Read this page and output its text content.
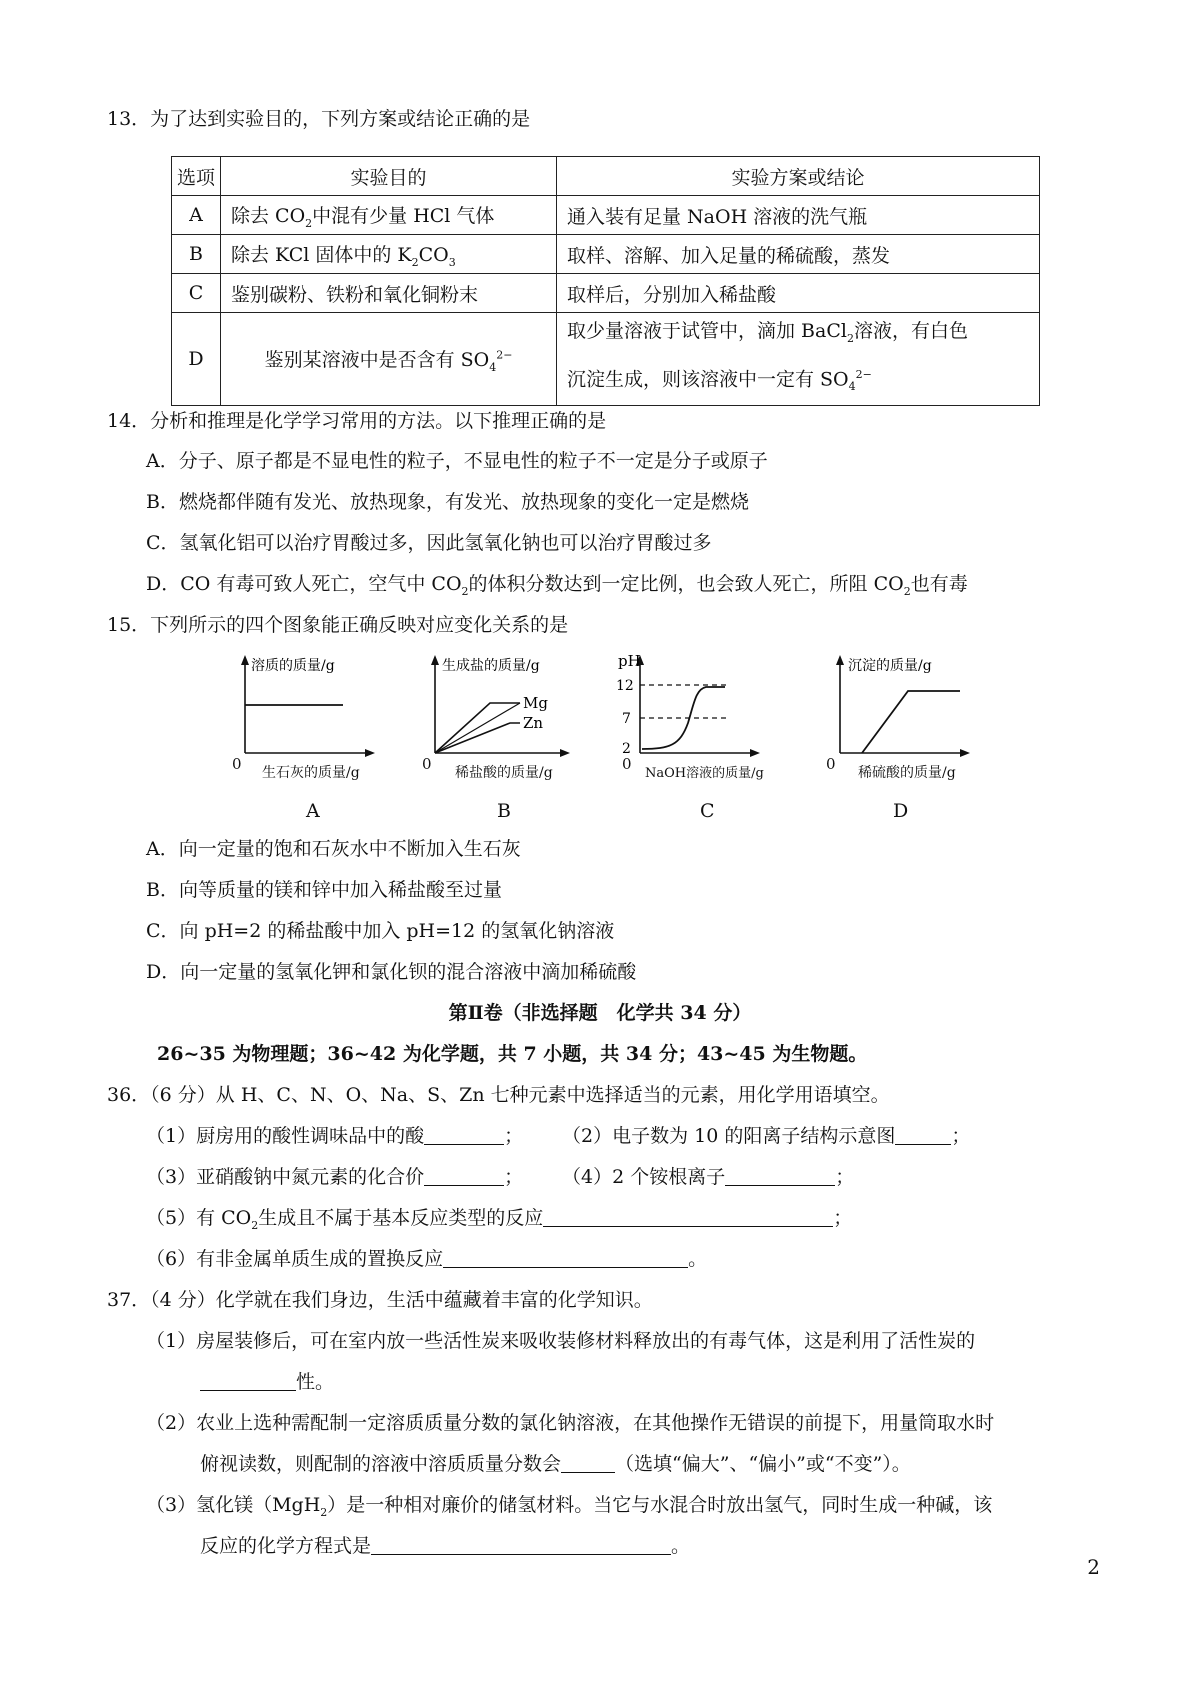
13．为了达到实验目的，下列方案或结论正确的是
选项	实验目的	实验方案或结论
A	除去 $CO_2$中混有少量 HCl 气体	通入装有足量 NaOH 溶液的洗气瓶
B	除去 KCl 固体中的 $K_2CO_3$	取样、溶解、加入足量的稀硫酸，蒸发
C	鉴别碳粉、铁粉和氧化铜粉末	取样后，分别加入稀盐酸
D	鉴别某溶液中是否含有 $SO_4^{2-}$	取少量溶液于试管中，滴加 BaCl$_2$溶液，有白色
沉淀生成，则该溶液中一定有 $SO_4^{2-}$
14．分析和推理是化学学习常用的方法。以下推理正确的是
A．分子、原子都是不显电性的粒子，不显电性的粒子不一定是分子或原子
B．燃烧都伴随有发光、放热现象，有发光、放热现象的变化一定是燃烧
C．氢氧化铝可以治疗胃酸过多，因此氢氧化钠也可以治疗胃酸过多
D．CO 有毒可致人死亡，空气中 $CO_2$的体积分数达到一定比例，也会致人死亡，所阻 $CO_2$也有毒
15．下列所示的四个图象能正确反映对应变化关系的是
溶质的质量/g
0 生石灰的质量/g
A
生成盐的质量/g
Mg
Zn
0 稀盐酸的质量/g
B
pH
12
7
2
0
NaOH溶液的质量/g
C
沉淀的质量/g
0 稀硫酸的质量/g
D
A．向一定量的饱和石灰水中不断加入生石灰
B．向等质量的镁和锌中加入稀盐酸至过量
C．向 pH=2 的稀盐酸中加入 pH=12 的氢氧化钠溶液
D．向一定量的氢氧化钾和氯化钡的混合溶液中滴加稀硫酸
第Ⅱ卷（非选择题　化学共 34 分）
26~35 为物理题；36~42 为化学题，共 7 小题，共 34 分；43~45 为生物题。
36．（6 分）从 H、C、N、O、Na、S、Zn 七种元素中选择适当的元素，用化学用语填空。
（1）厨房用的酸性调味品中的酸	； （2）电子数为 10 的阳离子结构示意图	；
（3）亚硝酸钠中氮元素的化合价	； （4）2 个铵根离子	；
（5）有 $CO_2$生成且不属于基本反应类型的反应	；
（6）有非金属单质生成的置换反应	。
37．（4 分）化学就在我们身边，生活中蕴藏着丰富的化学知识。
（1）房屋装修后，可在室内放一些活性炭来吸收装修材料释放出的有毒气体，这是利用了活性炭的
性。
（2）农业上选种需配制一定溶质质量分数的氯化钠溶液，在其他操作无错误的前提下，用量筒取水时
俯视读数，则配制的溶液中溶质质量分数会	（选填“偏大”、“偏小”或“不变”）。
（3）氢化镁（MgH$_2$）是一种相对廉价的储氢材料。当它与水混合时放出氢气，同时生成一种碱，该
反应的化学方程式是	。
2
